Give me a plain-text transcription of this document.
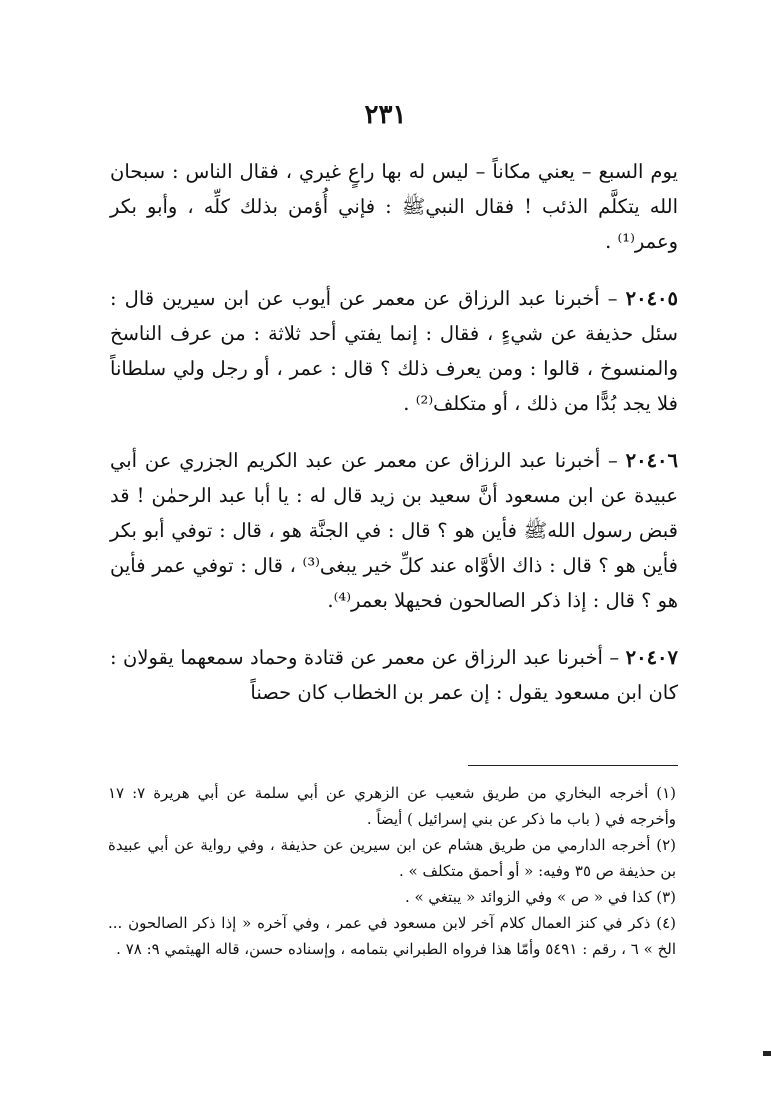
٢٣١

يوم السبع – يعني مكاناً – ليس له بها راعٍ غيري ، فقال الناس : سبحان الله يتكلَّم الذئب ! فقال النبيﷺ : فإني أُؤمن بذلك كلِّه ، وأبو بكر وعمر⁽¹⁾ .

٢٠٤٠٥ – أخبرنا عبد الرزاق عن معمر عن أيوب عن ابن سيرين قال : سئل حذيفة عن شيءٍ ، فقال : إنما يفتي أحد ثلاثة : من عرف الناسخ والمنسوخ ، قالوا : ومن يعرف ذلك ؟ قال : عمر ، أو رجل ولي سلطاناً فلا يجد بُدًّا من ذلك ، أو متكلف⁽²⁾ .

٢٠٤٠٦ – أخبرنا عبد الرزاق عن معمر عن عبد الكريم الجزري عن أبي عبيدة عن ابن مسعود أنَّ سعيد بن زيد قال له : يا أبا عبد الرحمٰن ! قد قبض رسول اللهﷺ فأين هو ؟ قال : في الجنَّة هو ، قال : توفي أبو بكر فأين هو ؟ قال : ذاك الأوَّاه عند كلِّ خير يبغى⁽³⁾ ، قال : توفي عمر فأين هو ؟ قال : إذا ذكر الصالحون فحيهلا بعمر⁽⁴⁾.

٢٠٤٠٧ – أخبرنا عبد الرزاق عن معمر عن قتادة وحماد سمعهما يقولان : كان ابن مسعود يقول : إن عمر بن الخطاب كان حصناً

(١) أخرجه البخاري من طريق شعيب عن الزهري عن أبي سلمة عن أبي هريرة ٧: ١٧ وأخرجه في ( باب ما ذكر عن بني إسرائيل ) أيضاً .

(٢) أخرجه الدارمي من طريق هشام عن ابن سيرين عن حذيفة ، وفي رواية عن أبي عبيدة بن حذيفة ص ٣٥ وفيه: « أو أحمق متكلف » .

(٣) كذا في « ص » وفي الزوائد « يبتغي » .

(٤) ذكر في كنز العمال كلام آخر لابن مسعود في عمر ، وفي آخره « إذا ذكر الصالحون ... الخ » ٦ ، رقم : ٥٤٩١ وأمّا هذا فرواه الطبراني بتمامه ، وإسناده حسن، قاله الهيثمي ٩: ٧٨ .
